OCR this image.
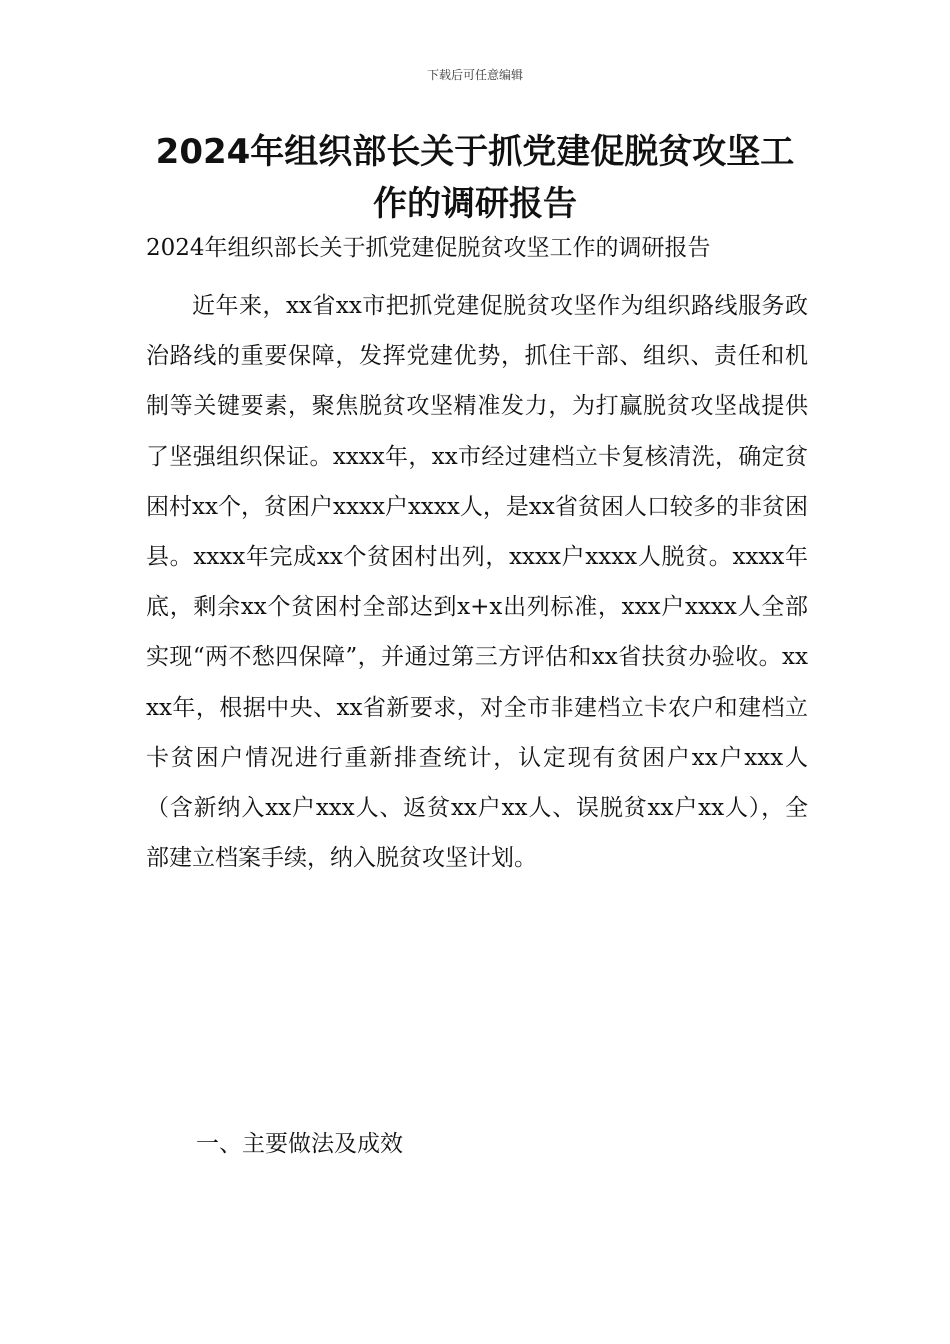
下载后可任意编辑
2024年组织部长关于抓党建促脱贫攻坚工
作的调研报告
2024年组织部长关于抓党建促脱贫攻坚工作的调研报告

近年来，xx省xx市把抓党建促脱贫攻坚作为组织路线服务政治路线的重要保障，发挥党建优势，抓住干部、组织、责任和机制等关键要素，聚焦脱贫攻坚精准发力，为打赢脱贫攻坚战提供了坚强组织保证。xxxx年，xx市经过建档立卡复核清洗，确定贫困村xx个，贫困户xxxx户xxxx人，是xx省贫困人口较多的非贫困县。xxxx年完成xx个贫困村出列，xxxx户xxxx人脱贫。xxxx年底，剩余xx个贫困村全部达到x+x出列标准，xxx户xxxx人全部实现“两不愁四保障”，并通过第三方评估和xx省扶贫办验收。xxxx年，根据中央、xx省新要求，对全市非建档立卡农户和建档立卡贫困户情况进行重新排查统计，认定现有贫困户xx户xxx人（含新纳入xx户xxx人、返贫xx户xx人、误脱贫xx户xx人），全部建立档案手续，纳入脱贫攻坚计划。

一、主要做法及成效
